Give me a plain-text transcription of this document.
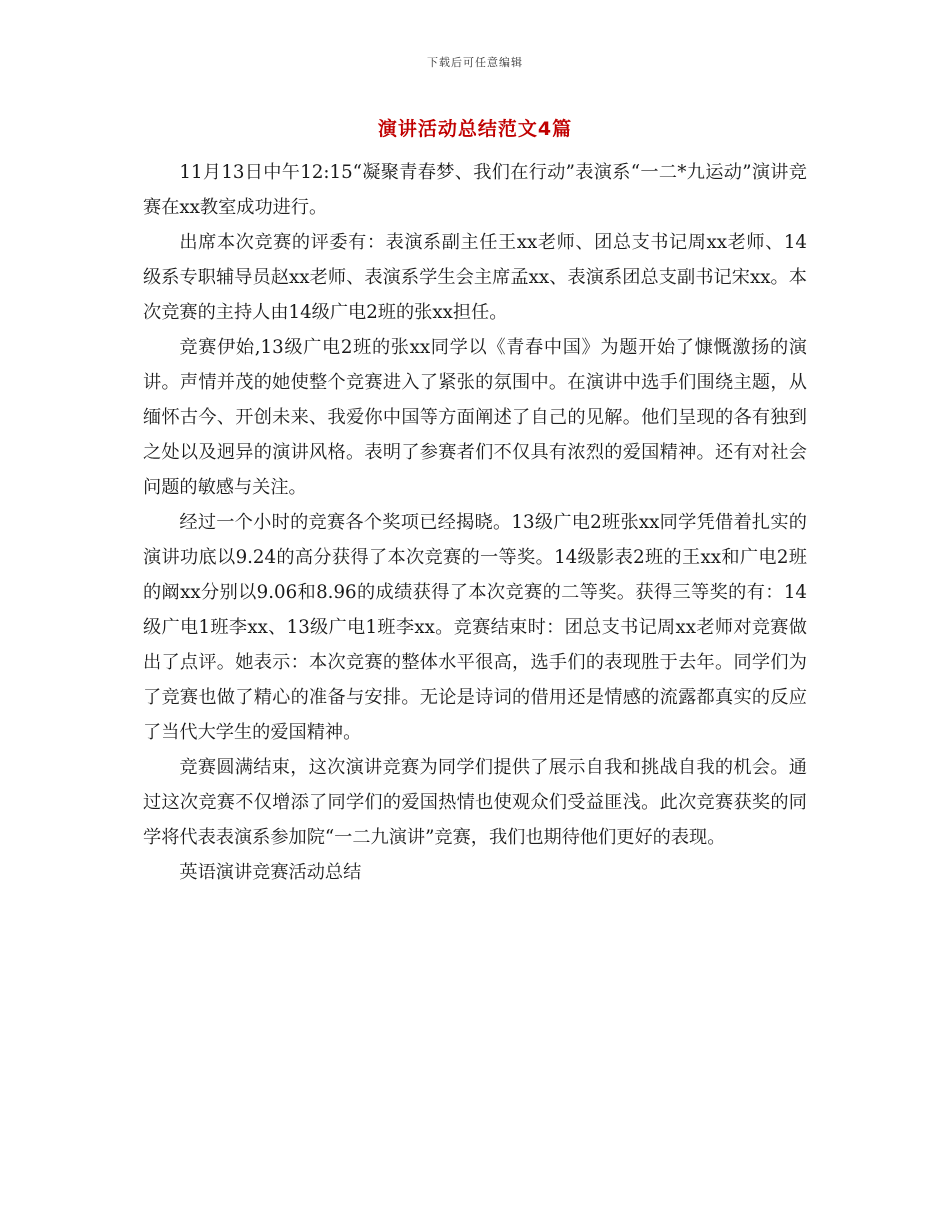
下载后可任意编辑
演讲活动总结范文4篇

11月13日中午12:15“凝聚青春梦、我们在行动”表演系“一二*九运动”演讲竞赛在xx教室成功进行。

出席本次竞赛的评委有：表演系副主任王xx老师、团总支书记周xx老师、14级系专职辅导员赵xx老师、表演系学生会主席孟xx、表演系团总支副书记宋xx。本次竞赛的主持人由14级广电2班的张xx担任。

竞赛伊始,13级广电2班的张xx同学以《青春中国》为题开始了慷慨激扬的演讲。声情并茂的她使整个竞赛进入了紧张的氛围中。在演讲中选手们围绕主题，从缅怀古今、开创未来、我爱你中国等方面阐述了自己的见解。他们呈现的各有独到之处以及迥异的演讲风格。表明了参赛者们不仅具有浓烈的爱国精神。还有对社会问题的敏感与关注。

经过一个小时的竞赛各个奖项已经揭晓。13级广电2班张xx同学凭借着扎实的演讲功底以9.24的高分获得了本次竞赛的一等奖。14级影表2班的王xx和广电2班的阚xx分别以9.06和8.96的成绩获得了本次竞赛的二等奖。获得三等奖的有：14级广电1班李xx、13级广电1班李xx。竞赛结束时：团总支书记周xx老师对竞赛做出了点评。她表示：本次竞赛的整体水平很高，选手们的表现胜于去年。同学们为了竞赛也做了精心的准备与安排。无论是诗词的借用还是情感的流露都真实的反应了当代大学生的爱国精神。

竞赛圆满结束，这次演讲竞赛为同学们提供了展示自我和挑战自我的机会。通过这次竞赛不仅增添了同学们的爱国热情也使观众们受益匪浅。此次竞赛获奖的同学将代表表演系参加院“一二九演讲”竞赛，我们也期待他们更好的表现。

英语演讲竞赛活动总结
